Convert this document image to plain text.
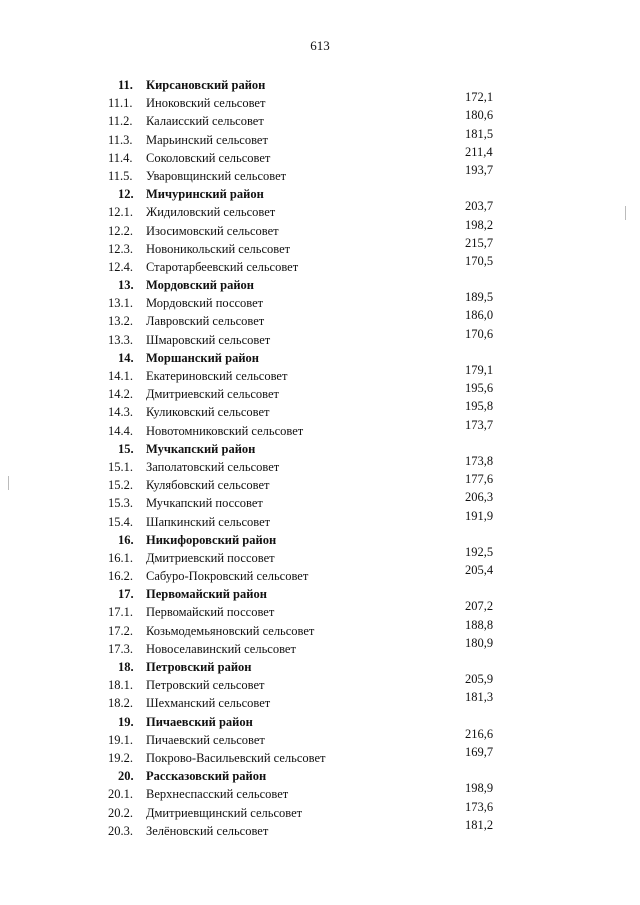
613
11. Кирсановский район
11.1. Иноковский сельсовет	172,1
11.2. Калаисский сельсовет	180,6
11.3. Марьинский сельсовет	181,5
11.4. Соколовский сельсовет	211,4
11.5. Уваровщинский сельсовет	193,7
12. Мичуринский район
12.1. Жидиловский сельсовет	203,7
12.2. Изосимовский сельсовет	198,2
12.3. Новоникольский сельсовет	215,7
12.4. Старотарбеевский сельсовет	170,5
13. Мордовский район
13.1. Мордовский поссовет	189,5
13.2. Лавровский сельсовет	186,0
13.3. Шмаровский сельсовет	170,6
14. Моршанский район
14.1. Екатериновский сельсовет	179,1
14.2. Дмитриевский сельсовет	195,6
14.3. Куликовский сельсовет	195,8
14.4. Новотомниковский сельсовет	173,7
15. Мучкапский район
15.1. Заполатовский сельсовет	173,8
15.2. Кулябовский сельсовет	177,6
15.3. Мучкапский поссовет	206,3
15.4. Шапкинский сельсовет	191,9
16. Никифоровский район
16.1. Дмитриевский поссовет	192,5
16.2. Сабуро-Покровский сельсовет	205,4
17. Первомайский район
17.1. Первомайский поссовет	207,2
17.2. Козьмодемьяновский сельсовет	188,8
17.3. Новоселавинский сельсовет	180,9
18. Петровский район
18.1. Петровский сельсовет	205,9
18.2. Шехманский сельсовет	181,3
19. Пичаевский район
19.1. Пичаевский сельсовет	216,6
19.2. Покрово-Васильевский сельсовет	169,7
20. Рассказовский район
20.1. Верхнеспасский сельсовет	198,9
20.2. Дмитриевщинский сельсовет	173,6
20.3. Зелёновский сельсовет	181,2
